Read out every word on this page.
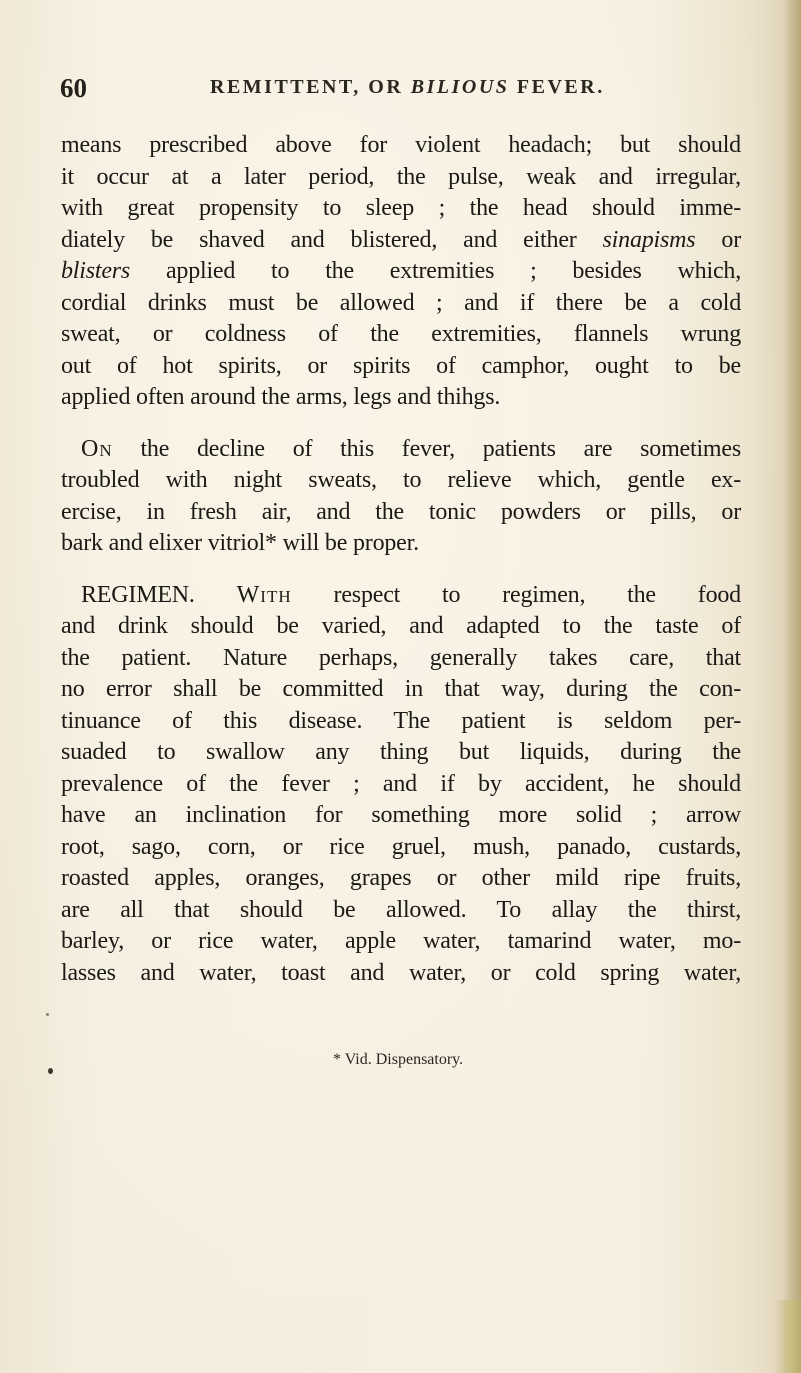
60	REMITTENT, OR BILIOUS FEVER.
means prescribed above for violent headach; but should
it occur at a later period, the pulse, weak and irregular,
with great propensity to sleep ; the head should imme-
diately be shaved and blistered, and either sinapisms or
blisters applied to the extremities ; besides which,
cordial drinks must be allowed ; and if there be a cold
sweat, or coldness of the extremities, flannels wrung
out of hot spirits, or spirits of camphor, ought to be
applied often around the arms, legs and thihgs.
On the decline of this fever, patients are sometimes
troubled with night sweats, to relieve which, gentle ex-
ercise, in fresh air, and the tonic powders or pills, or
bark and elixer vitriol* will be proper.
REGIMEN. With respect to regimen, the food
and drink should be varied, and adapted to the taste of
the patient. Nature perhaps, generally takes care, that
no error shall be committed in that way, during the con-
tinuance of this disease. The patient is seldom per-
suaded to swallow any thing but liquids, during the
prevalence of the fever ; and if by accident, he should
have an inclination for something more solid ; arrow
root, sago, corn, or rice gruel, mush, panado, custards,
roasted apples, oranges, grapes or other mild ripe fruits,
are all that should be allowed. To allay the thirst,
barley, or rice water, apple water, tamarind water, mo-
lasses and water, toast and water, or cold spring water,
* Vid. Dispensatory.
